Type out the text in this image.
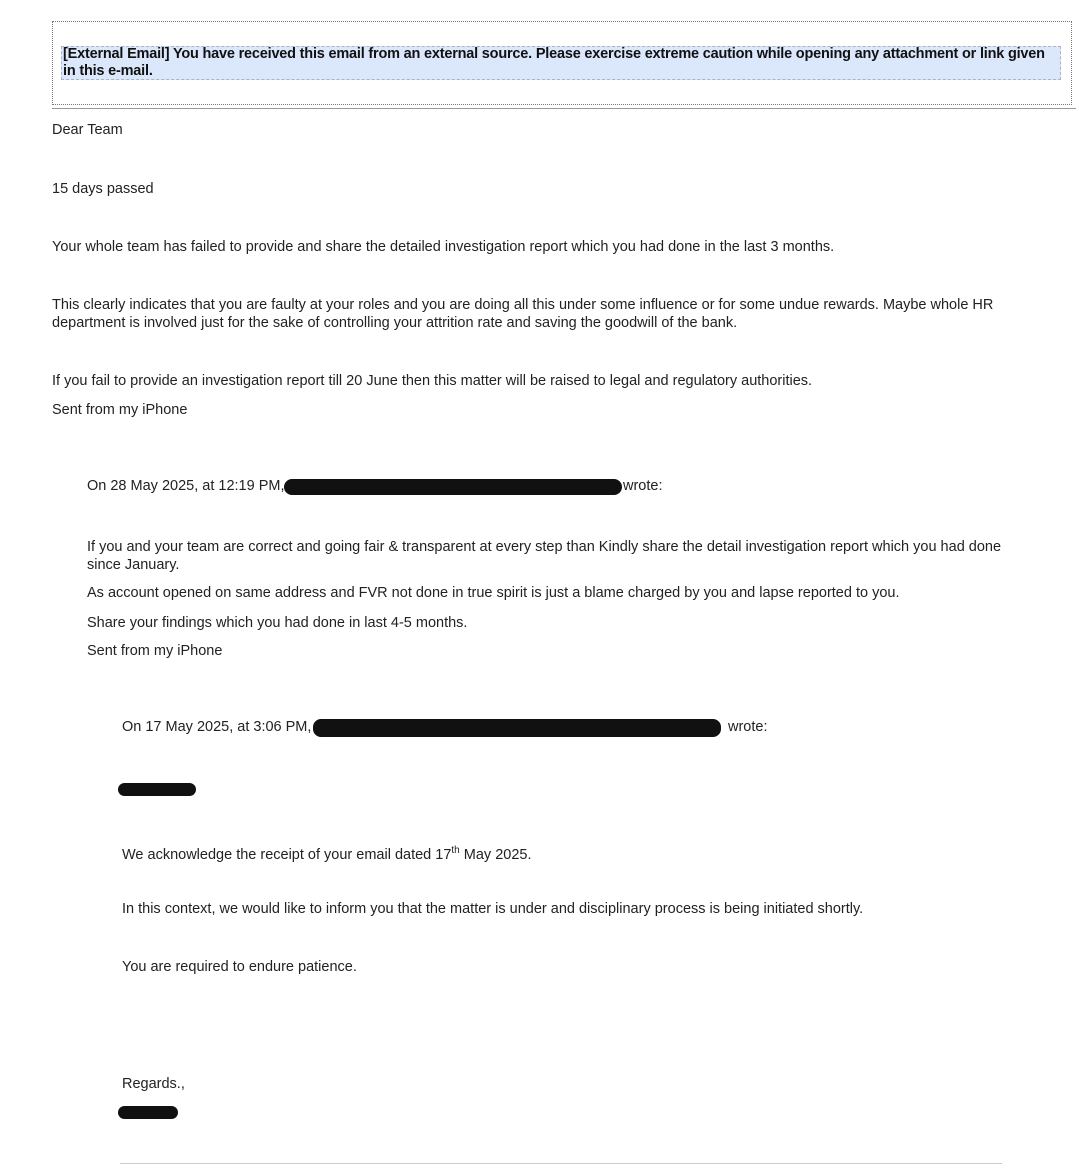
[External Email] You have received this email from an external source. Please exercise extreme caution while opening any attachment or link given in this e-mail.
Dear Team
15 days passed
Your whole team has failed to provide and share the detailed investigation report which you had done in the last 3 months.
This clearly indicates that you are faulty at your roles and you are doing all this under some influence or for some undue rewards. Maybe whole HR department is involved just for the sake of controlling your attrition rate and saving the goodwill of the bank.
If you fail to provide an investigation report till 20 June then this matter will be raised to legal and regulatory authorities.
Sent from my iPhone
On 28 May 2025, at 12:19 PM,	wrote:
If you and your team are correct and going fair & transparent at every step than Kindly share the detail investigation report which you had done since January.
As account opened on same address and FVR not done in true spirit is just a blame charged by you and lapse reported to you.
Share your findings which you had done in last 4-5 months.
Sent from my iPhone
On 17 May 2025, at 3:06 PM,	wrote:
We acknowledge the receipt of your email dated 17th May 2025.
In this context, we would like to inform you that the matter is under and disciplinary process is being initiated shortly.
You are required to endure patience.
Regards.,
